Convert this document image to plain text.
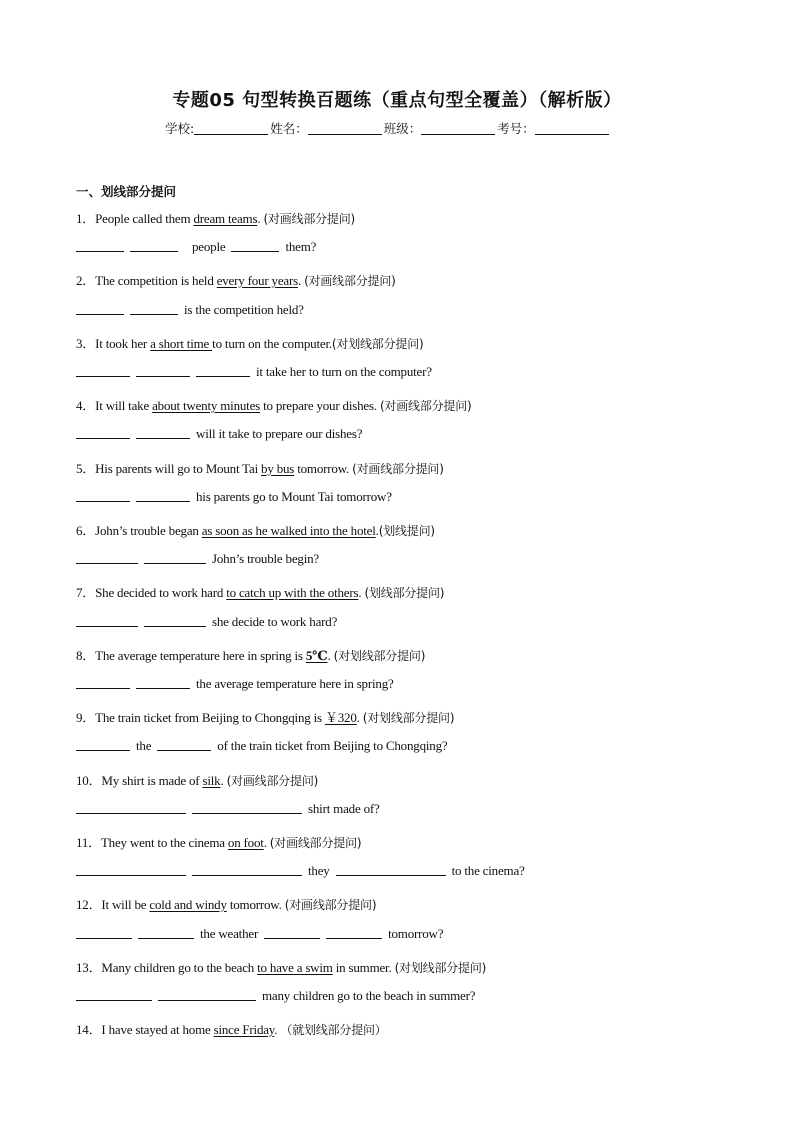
专题05 句型转换百题练（重点句型全覆盖）（解析版）
学校:	姓名：	班级：	考号：
一、划线部分提问
1．People called them dream teams. (对画线部分提问)
people	them?
2．The competition is held every four years. (对画线部分提问)
is the competition held?
3．It took her a short time to turn on the computer.(对划线部分提问)
it take her to turn on the computer?
4．It will take about twenty minutes to prepare your dishes. (对画线部分提问)
will it take to prepare our dishes?
5．His parents will go to Mount Tai by bus tomorrow. (对画线部分提问)
his parents go to Mount Tai tomorrow?
6．John’s trouble began as soon as he walked into the hotel.(划线提问)
John’s trouble begin?
7．She decided to work hard to catch up with the others. (划线部分提问)
she decide to work hard?
8．The average temperature here in spring is 5℃. (对划线部分提问)
the average temperature here in spring?
9．The train ticket from Beijing to Chongqing is ￥320. (对划线部分提问)
the	of the train ticket from Beijing to Chongqing?
10．My shirt is made of silk. (对画线部分提问)
shirt made of?
11．They went to the cinema on foot. (对画线部分提问)
they	to the cinema?
12．It will be cold and windy tomorrow. (对画线部分提问)
the weather	tomorrow?
13．Many children go to the beach to have a swim in summer. (对划线部分提问)
many children go to the beach in summer?
14．I have stayed at home since Friday. （就划线部分提问）
